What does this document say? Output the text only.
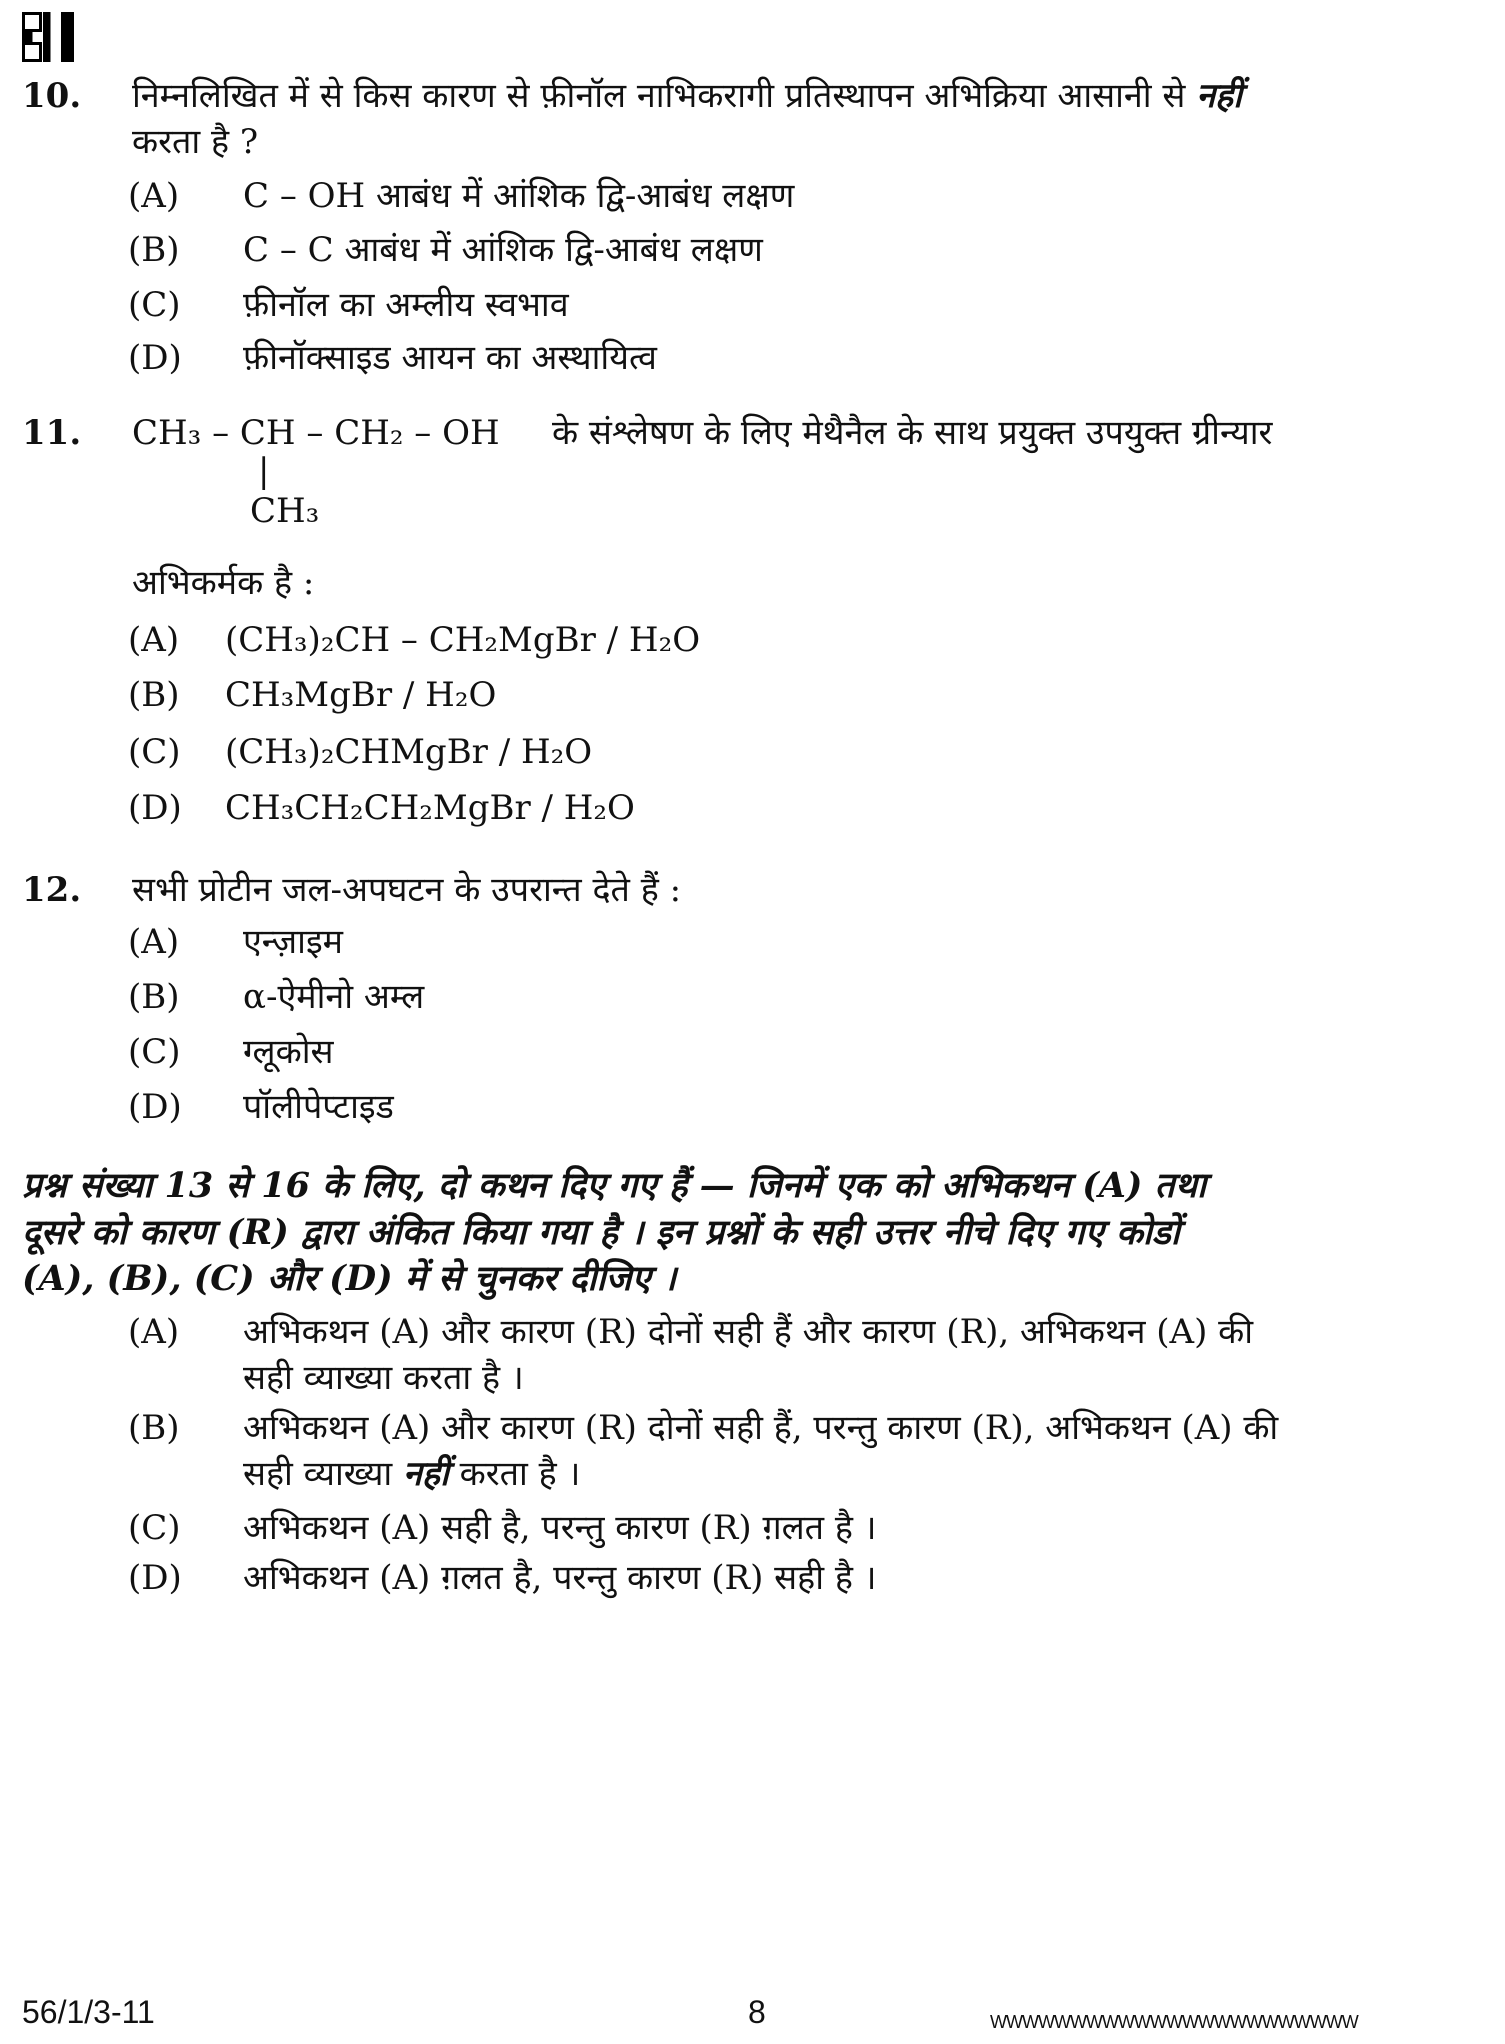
10. निम्नलिखित में से किस कारण से फ़ीनॉल नाभिकरागी प्रतिस्थापन अभिक्रिया आसानी से नहीं
करता है ?
(A) C – OH आबंध में आंशिक द्वि-आबंध लक्षण
(B) C – C आबंध में आंशिक द्वि-आबंध लक्षण
(C) फ़ीनॉल का अम्लीय स्वभाव
(D) फ़ीनॉक्साइड आयन का अस्थायित्व
11. CH₃ – CH – CH₂ – OH के संश्लेषण के लिए मेथैनैल के साथ प्रयुक्त उपयुक्त ग्रीन्यार
|
CH₃
अभिकर्मक है :
(A) (CH₃)₂CH – CH₂MgBr / H₂O
(B) CH₃MgBr / H₂O
(C) (CH₃)₂CHMgBr / H₂O
(D) CH₃CH₂CH₂MgBr / H₂O
12. सभी प्रोटीन जल-अपघटन के उपरान्त देते हैं :
(A) एन्ज़ाइम
(B) α-ऐमीनो अम्ल
(C) ग्लूकोस
(D) पॉलीपेप्टाइड
प्रश्न संख्या 13 से 16 के लिए, दो कथन दिए गए हैं — जिनमें एक को अभिकथन (A) तथा
दूसरे को कारण (R) द्वारा अंकित किया गया है । इन प्रश्नों के सही उत्तर नीचे दिए गए कोडों
(A), (B), (C) और (D) में से चुनकर दीजिए ।
(A) अभिकथन (A) और कारण (R) दोनों सही हैं और कारण (R), अभिकथन (A) की
सही व्याख्या करता है ।
(B) अभिकथन (A) और कारण (R) दोनों सही हैं, परन्तु कारण (R), अभिकथन (A) की
सही व्याख्या नहीं करता है ।
(C) अभिकथन (A) सही है, परन्तु कारण (R) ग़लत है ।
(D) अभिकथन (A) ग़लत है, परन्तु कारण (R) सही है ।
56/1/3-11	8	WWWWWWWWWWWWWWWWWWWWWWW
